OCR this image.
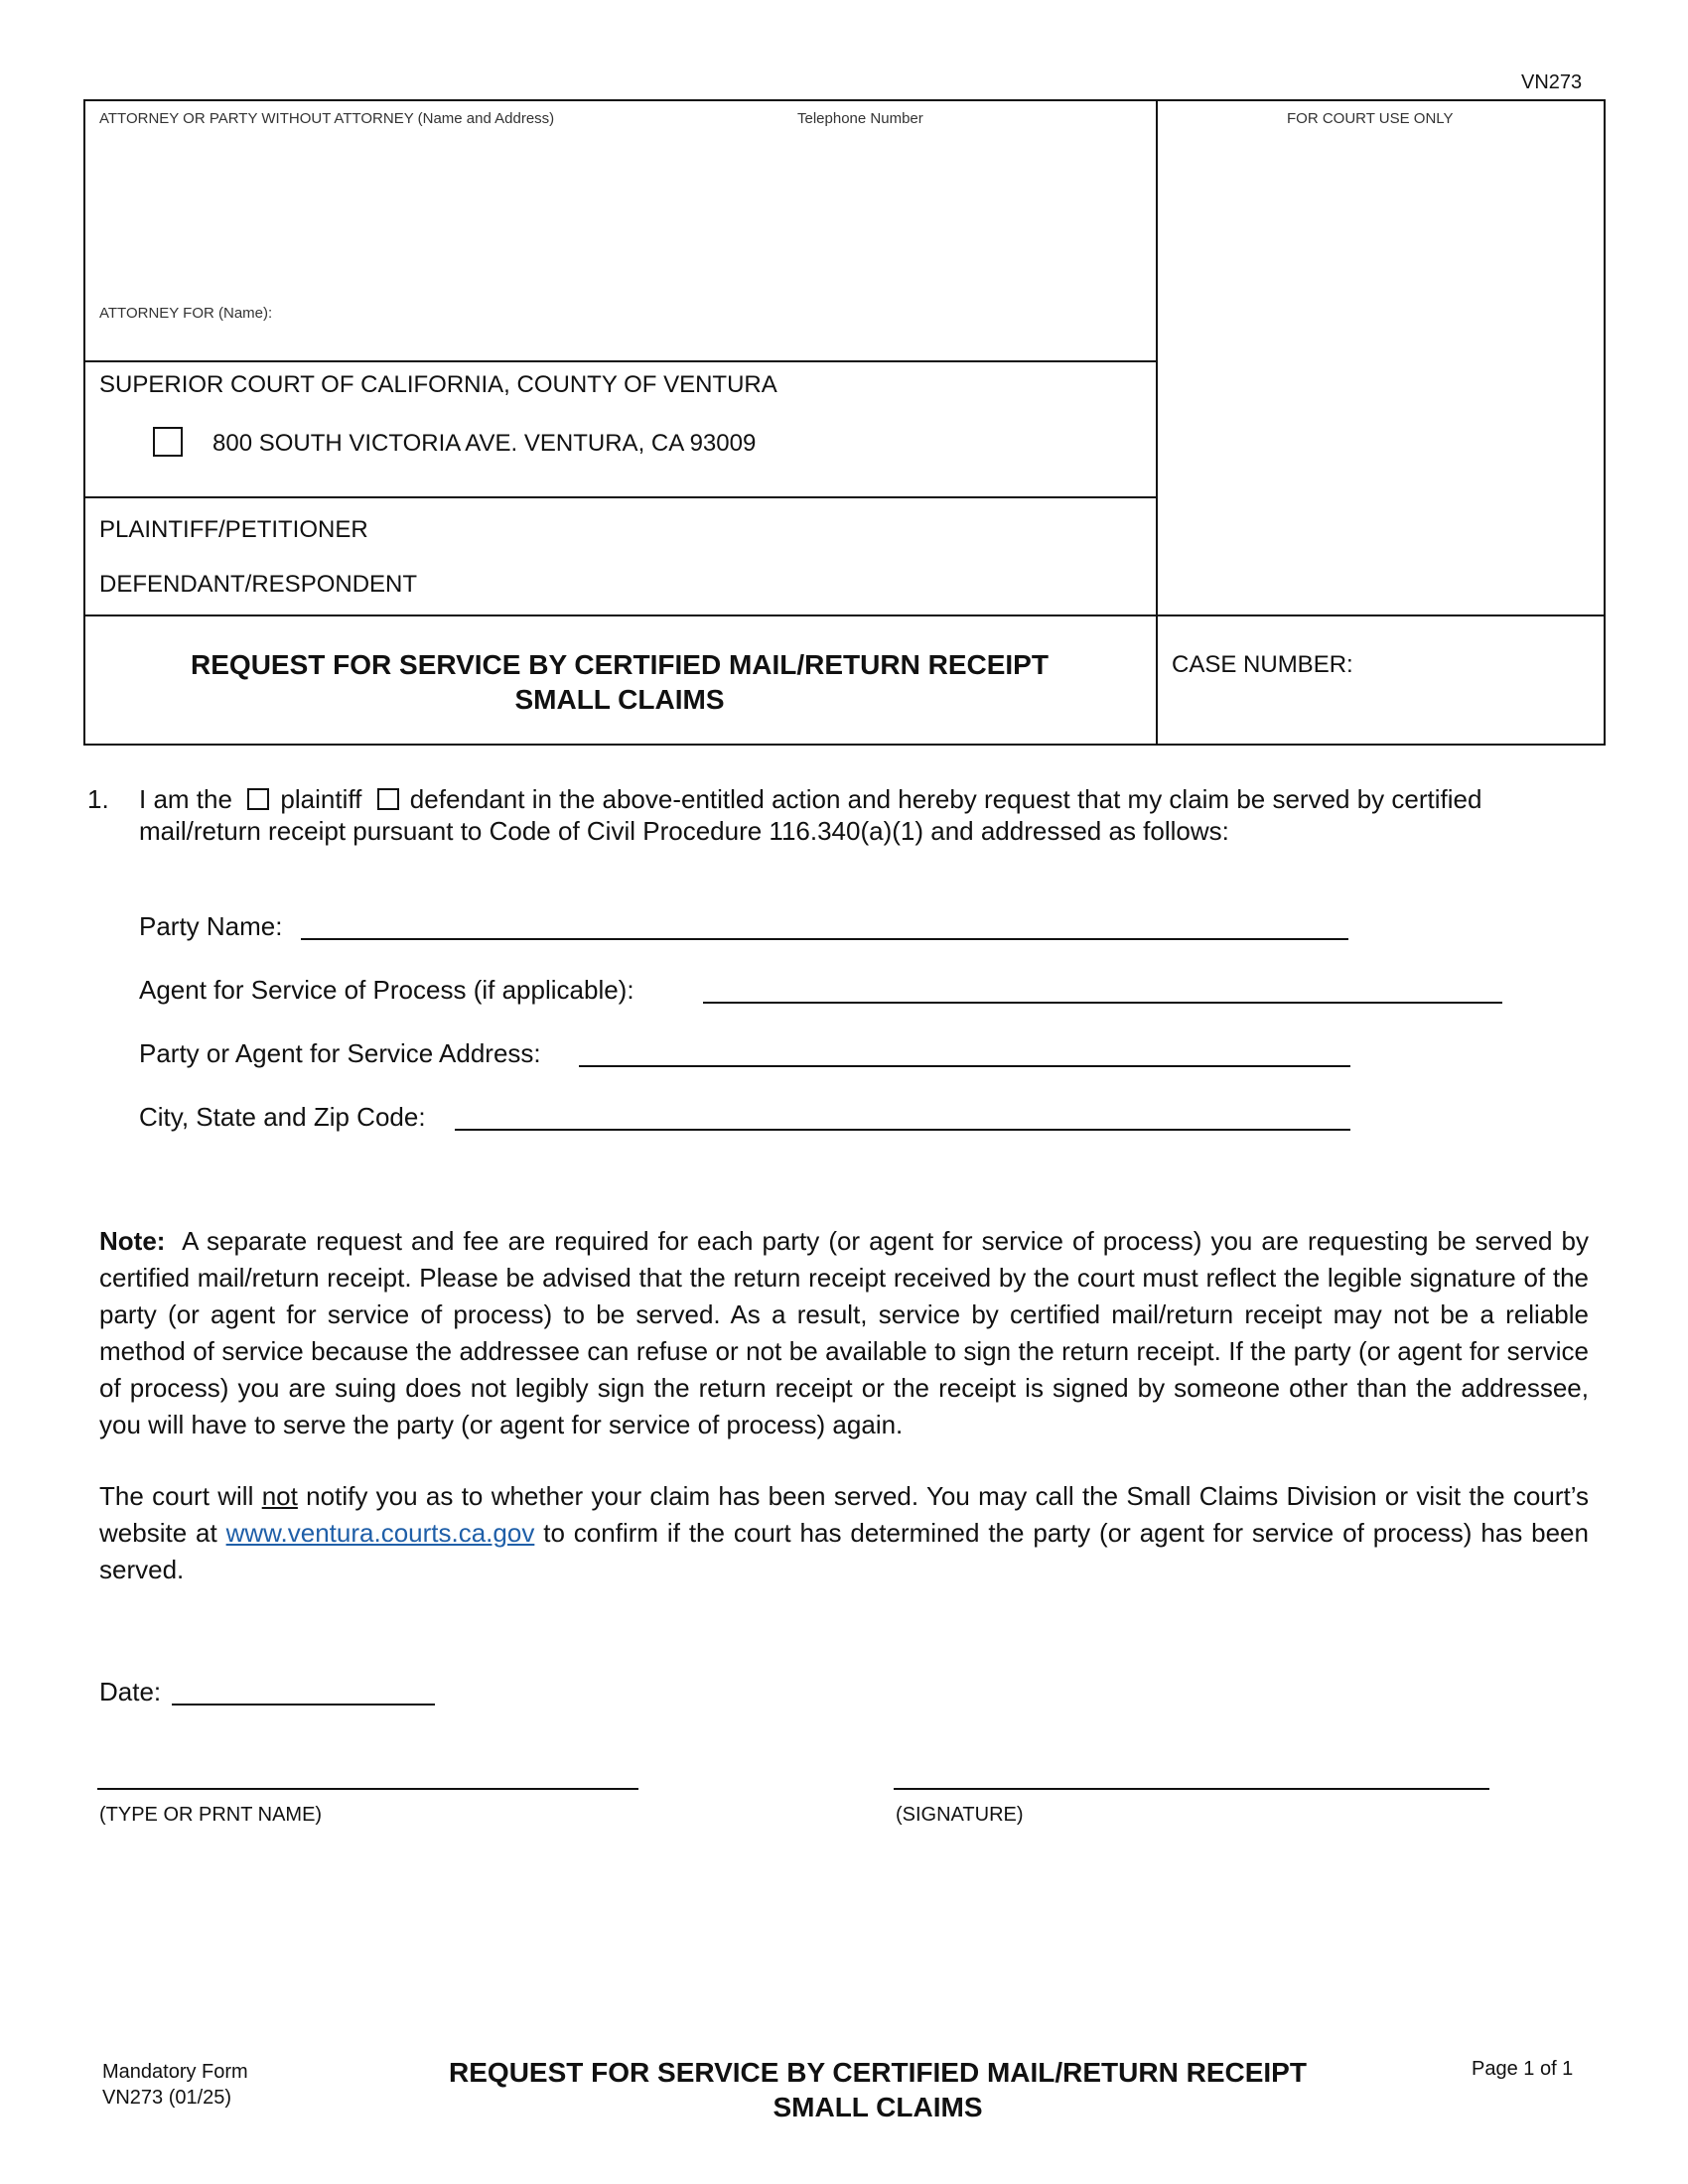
VN273
ATTORNEY OR PARTY WITHOUT ATTORNEY (Name and Address)	Telephone Number	FOR COURT USE ONLY
ATTORNEY FOR (Name):
SUPERIOR COURT OF CALIFORNIA, COUNTY OF VENTURA
800 SOUTH VICTORIA AVE. VENTURA, CA 93009
PLAINTIFF/PETITIONER
DEFENDANT/RESPONDENT
REQUEST FOR SERVICE BY CERTIFIED MAIL/RETURN RECEIPT
SMALL CLAIMS
CASE NUMBER:
1. I am the plaintiff defendant in the above-entitled action and hereby request that my claim be served by certified
mail/return receipt pursuant to Code of Civil Procedure 116.340(a)(1) and addressed as follows:
Party Name:
Agent for Service of Process (if applicable):
Party or Agent for Service Address:
City, State and Zip Code:
Note: A separate request and fee are required for each party (or agent for service of process) you are requesting be served by certified mail/return receipt. Please be advised that the return receipt received by the court must reflect the legible signature of the party (or agent for service of process) to be served. As a result, service by certified mail/return receipt may not be a reliable method of service because the addressee can refuse or not be available to sign the return receipt. If the party (or agent for service of process) you are suing does not legibly sign the return receipt or the receipt is signed by someone other than the addressee, you will have to serve the party (or agent for service of process) again.
The court will not notify you as to whether your claim has been served. You may call the Small Claims Division or visit the court’s website at www.ventura.courts.ca.gov to confirm if the court has determined the party (or agent for service of process) has been served.
Date:
(TYPE OR PRNT NAME)	(SIGNATURE)
Mandatory Form
VN273 (01/25)
REQUEST FOR SERVICE BY CERTIFIED MAIL/RETURN RECEIPT
SMALL CLAIMS
Page 1 of 1
